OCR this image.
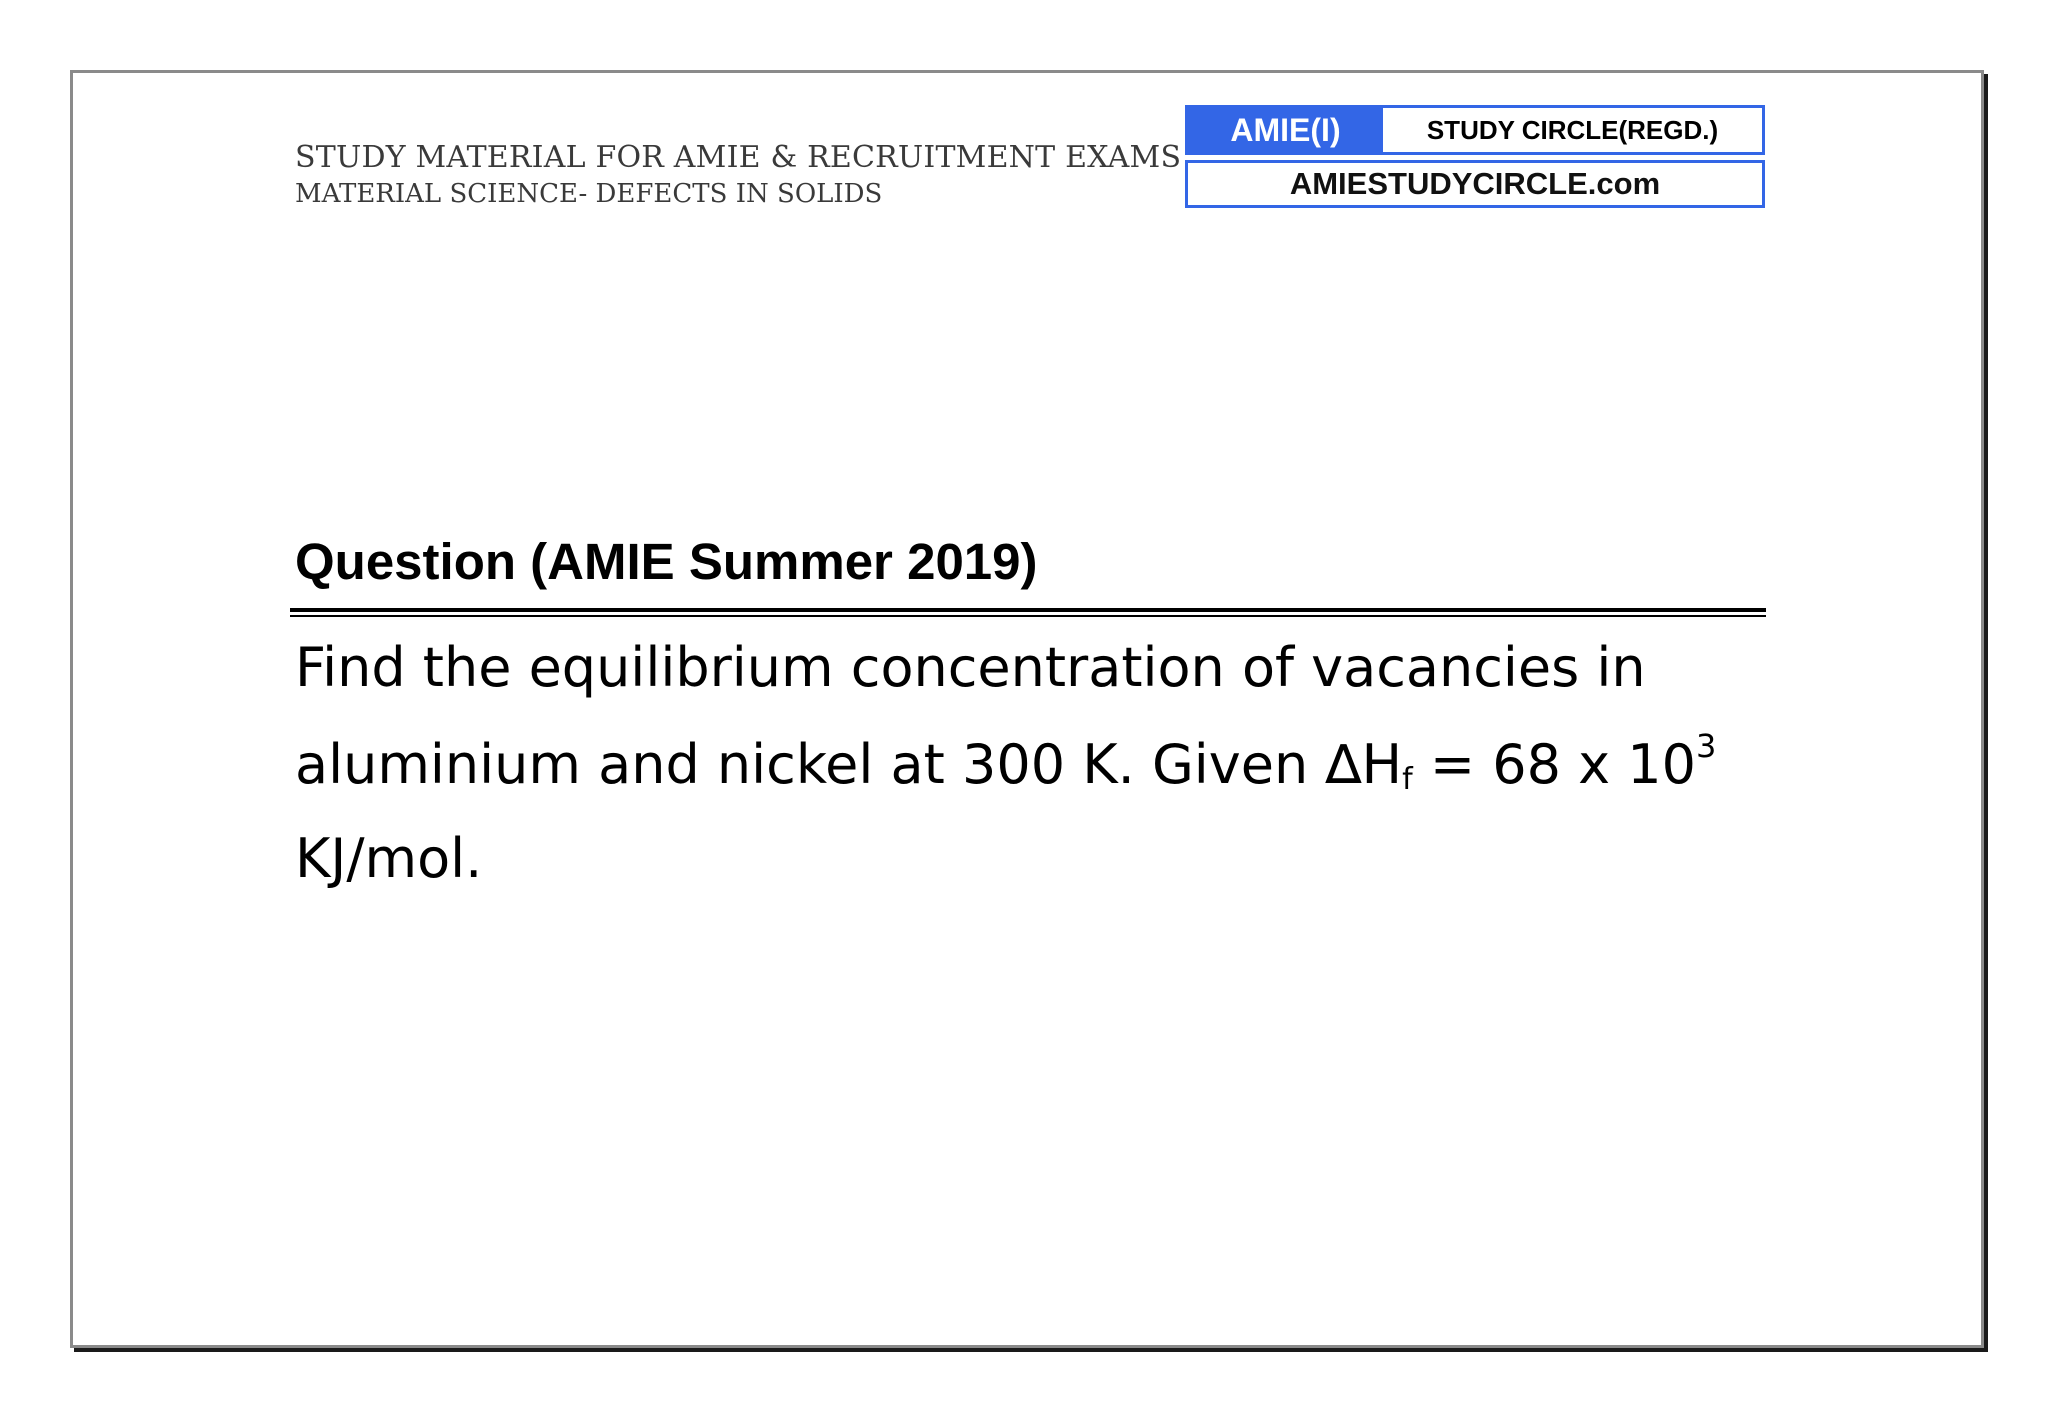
STUDY MATERIAL FOR AMIE & RECRUITMENT EXAMS
MATERIAL SCIENCE- DEFECTS IN SOLIDS
AMIE(I)	STUDY CIRCLE(REGD.)
AMIESTUDYCIRCLE.com
Question (AMIE Summer 2019)
Find the equilibrium concentration of vacancies in aluminium and nickel at 300 K. Given $\Delta H_f = 68$ x $10^3$ KJ/mol.
